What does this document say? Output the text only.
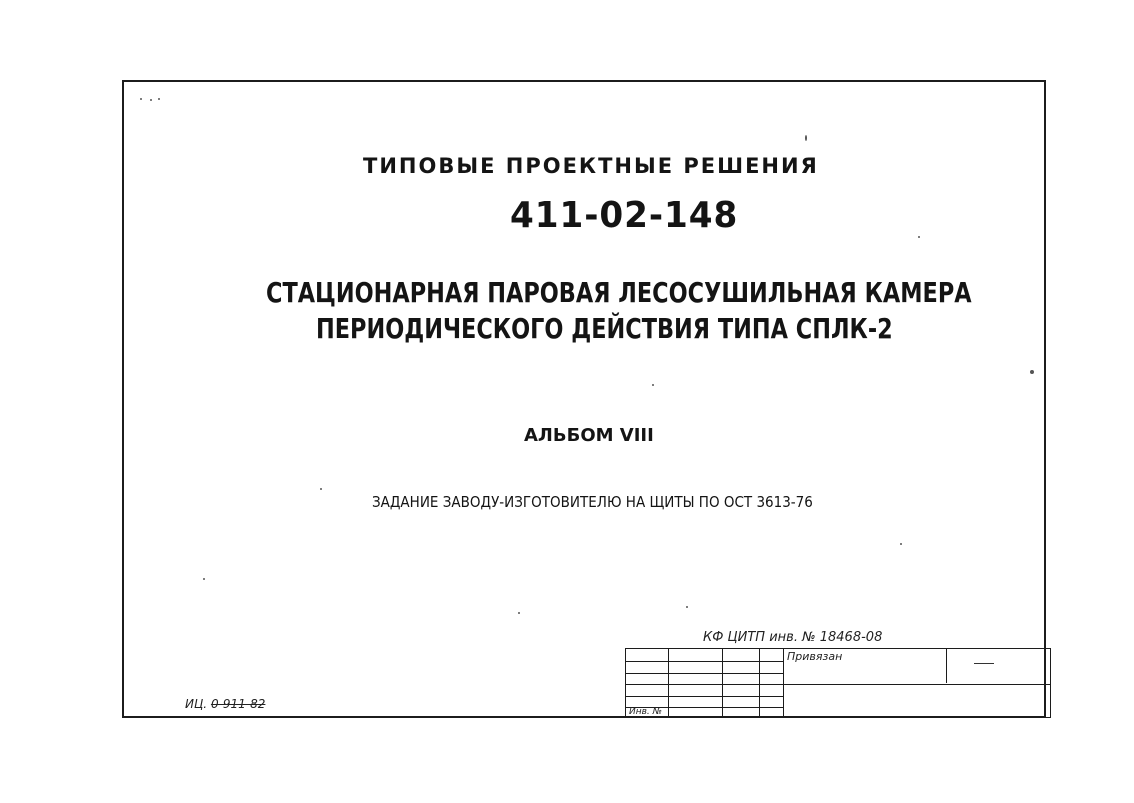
ТИПОВЫЕ ПРОЕКТНЫЕ РЕШЕНИЯ
411-02-148
СТАЦИОНАРНАЯ ПАРОВАЯ ЛЕСОСУШИЛЬНАЯ КАМЕРА
ПЕРИОДИЧЕСКОГО ДЕЙСТВИЯ ТИПА СПЛК-2
АЛЬБОМ VIII
ЗАДАНИЕ ЗАВОДУ-ИЗГОТОВИТЕЛЮ НА ЩИТЫ ПО ОСТ 3613-76
КФ ЦИТП инв. № 18468-08
ИЦ. 0-911-82
Привязан
Инв. №
